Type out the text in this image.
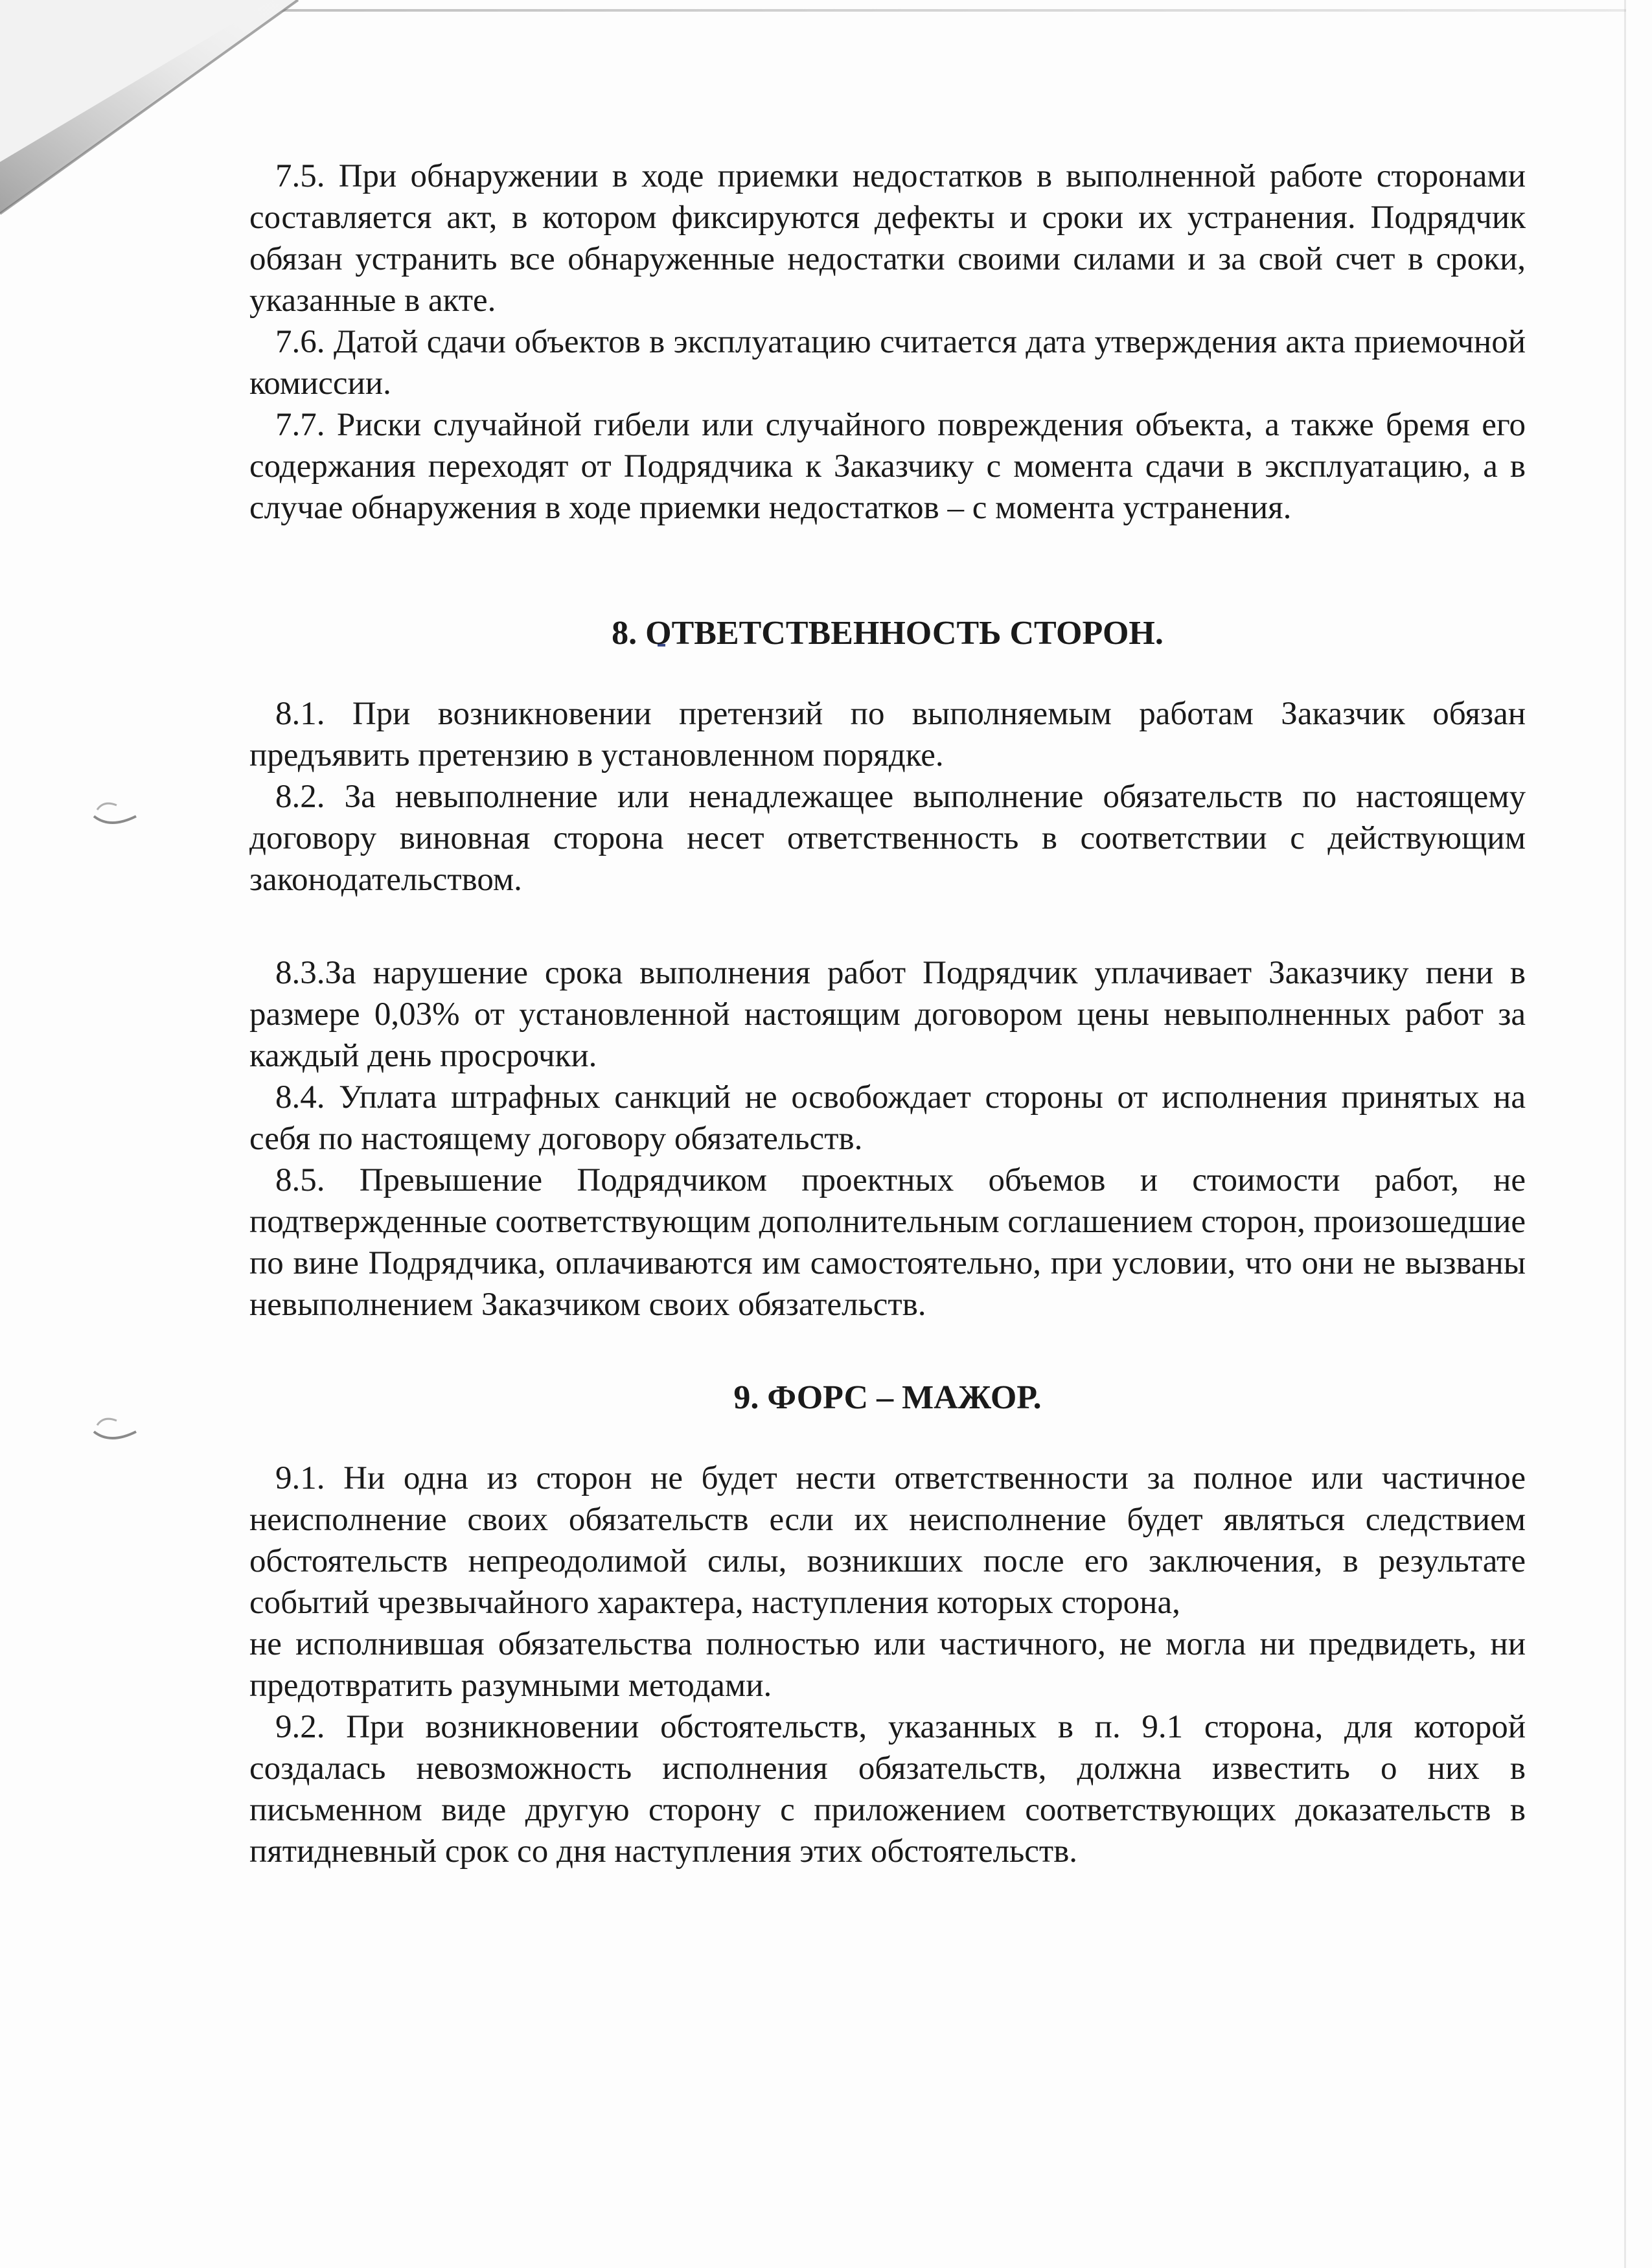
7.5. При обнаружении в ходе приемки недостатков в выполненной работе сторонами составляется акт, в котором фиксируются дефекты и сроки их устранения. Подрядчик обязан устранить все обнаруженные недостатки своими силами и за свой счет в сроки, указанные в акте.

7.6. Датой сдачи объектов в эксплуатацию считается дата утверждения акта приемочной комиссии.

7.7. Риски случайной гибели или случайного повреждения объекта, а также бремя его содержания переходят от Подрядчика к Заказчику с момента сдачи в эксплуатацию, а в случае обнаружения в ходе приемки недостатков – с момента устранения.

8. ОТВЕТСТВЕННОСТЬ СТОРОН.

8.1. При возникновении претензий по выполняемым работам Заказчик обязан предъявить претензию в установленном порядке.

8.2. За невыполнение или ненадлежащее выполнение обязательств по настоящему договору виновная сторона несет ответственность в соответствии с действующим законодательством.

8.3.За нарушение срока выполнения работ Подрядчик уплачивает Заказчику пени в размере 0,03% от установленной настоящим договором цены невыполненных работ за каждый день просрочки.

8.4. Уплата штрафных санкций не освобождает стороны от исполнения принятых на себя по настоящему договору обязательств.

8.5. Превышение Подрядчиком проектных объемов и стоимости работ, не подтвержденные соответствующим дополнительным соглашением сторон, произошедшие по вине Подрядчика, оплачиваются им самостоятельно, при условии, что они не вызваны невыполнением Заказчиком своих обязательств.

9. ФОРС – МАЖОР.

9.1. Ни одна из сторон не будет нести ответственности за полное или частичное неисполнение своих обязательств если их неисполнение будет являться следствием обстоятельств непреодолимой силы, возникших после его заключения, в результате событий чрезвычайного характера, наступления которых сторона,

не исполнившая обязательства полностью или частичного, не могла ни предвидеть, ни предотвратить разумными методами.

9.2. При возникновении обстоятельств, указанных в п. 9.1 сторона, для которой создалась невозможность исполнения обязательств, должна известить о них в письменном виде другую сторону с приложением соответствующих доказательств в пятидневный срок со дня наступления этих обстоятельств.
